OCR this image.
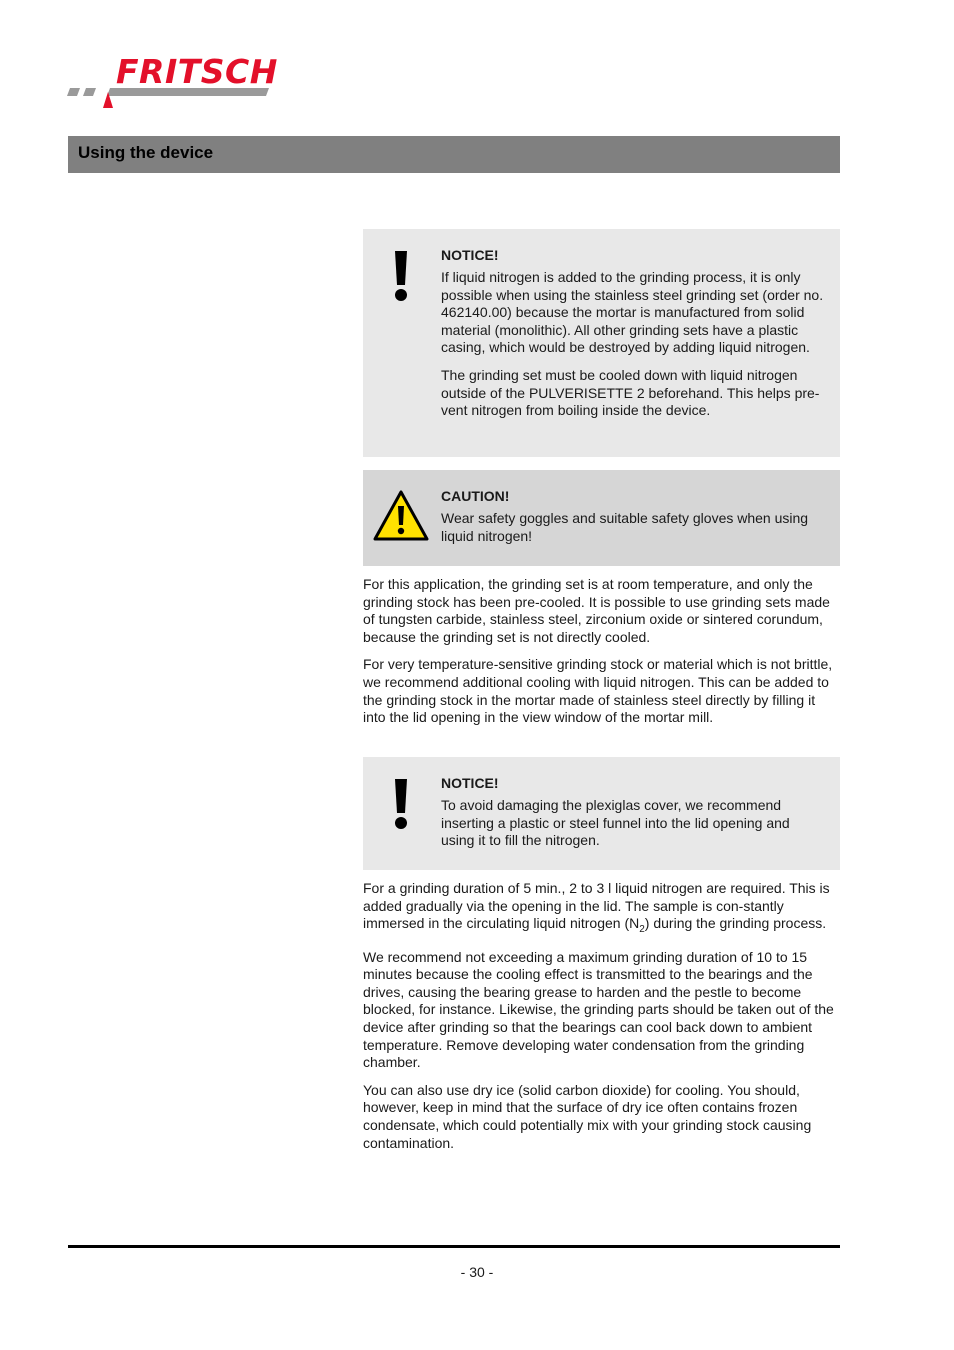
FRITSCH
Using the device
NOTICE!

If liquid nitrogen is added to the grinding process, it is only possible when using the stainless steel grinding set (order no. 462140.00) because the mortar is manufactured from solid material (monolithic). All other grinding sets have a plastic casing, which would be destroyed by adding liquid nitrogen.

The grinding set must be cooled down with liquid nitrogen outside of the PULVERISETTE 2 beforehand. This helps pre-vent nitrogen from boiling inside the device.

CAUTION!

Wear safety goggles and suitable safety gloves when using liquid nitrogen!

For this application, the grinding set is at room temperature, and only the grinding stock has been pre-cooled. It is possible to use grinding sets made of tungsten carbide, stainless steel, zirconium oxide or sintered corundum, because the grinding set is not directly cooled.

For very temperature-sensitive grinding stock or material which is not brittle, we recommend additional cooling with liquid nitrogen. This can be added to the grinding stock in the mortar made of stainless steel directly by filling it into the lid opening in the view window of the mortar mill.

NOTICE!

To avoid damaging the plexiglas cover, we recommend inserting a plastic or steel funnel into the lid opening and using it to fill the nitrogen.

For a grinding duration of 5 min., 2 to 3 l liquid nitrogen are required. This is added gradually via the opening in the lid. The sample is con-stantly immersed in the circulating liquid nitrogen $(N_2)$ during the grinding process.

We recommend not exceeding a maximum grinding duration of 10 to 15 minutes because the cooling effect is transmitted to the bearings and the drives, causing the bearing grease to harden and the pestle to become blocked, for instance. Likewise, the grinding parts should be taken out of the device after grinding so that the bearings can cool back down to ambient temperature. Remove developing water condensation from the grinding chamber.

You can also use dry ice (solid carbon dioxide) for cooling. You should, however, keep in mind that the surface of dry ice often contains frozen condensate, which could potentially mix with your grinding stock causing contamination.

- 30 -
